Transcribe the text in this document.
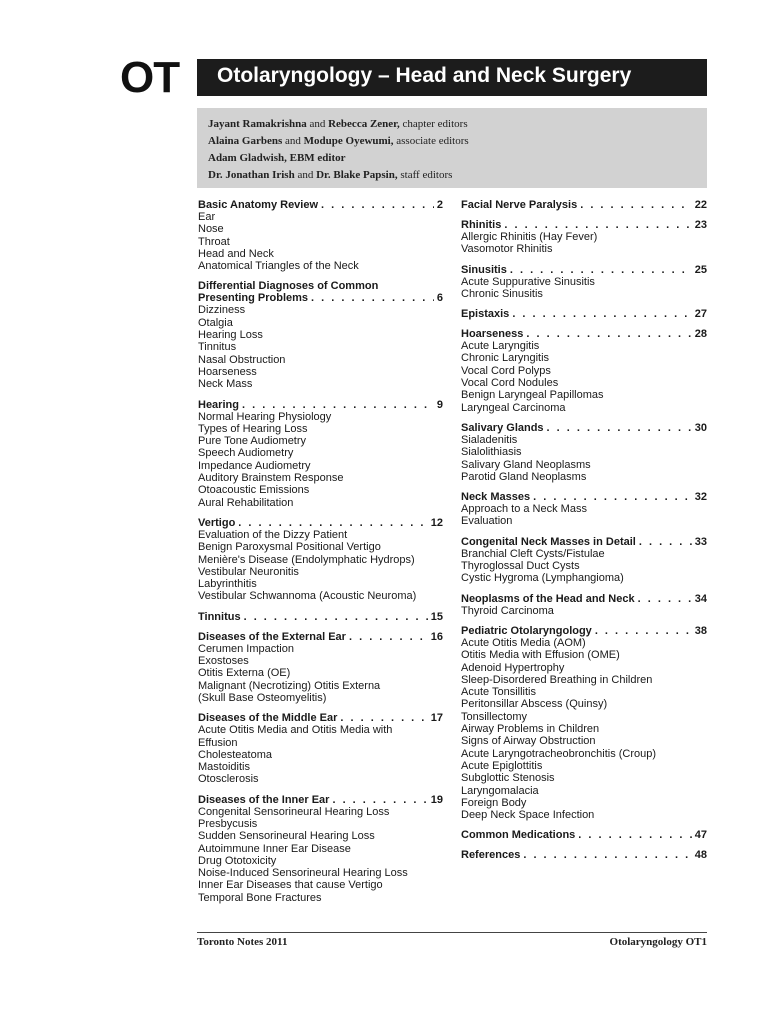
OT Otolaryngology – Head and Neck Surgery
Jayant Ramakrishna and Rebecca Zener, chapter editors
Alaina Garbens and Modupe Oyewumi, associate editors
Adam Gladwish, EBM editor
Dr. Jonathan Irish and Dr. Blake Papsin, staff editors
Basic Anatomy Review . . .	2
Ear
Nose
Throat
Head and Neck
Anatomical Triangles of the Neck
Differential Diagnoses of Common
Presenting Problems . . .	6
Dizziness
Otalgia
Hearing Loss
Tinnitus
Nasal Obstruction
Hoarseness
Neck Mass
Hearing . . .	9
Normal Hearing Physiology
Types of Hearing Loss
Pure Tone Audiometry
Speech Audiometry
Impedance Audiometry
Auditory Brainstem Response
Otoacoustic Emissions
Aural Rehabilitation
Vertigo . . .	12
Evaluation of the Dizzy Patient
Benign Paroxysmal Positional Vertigo
Menière's Disease (Endolymphatic Hydrops)
Vestibular Neuronitis
Labyrinthitis
Vestibular Schwannoma (Acoustic Neuroma)
Tinnitus . . .	15
Diseases of the External Ear . . .	16
Cerumen Impaction
Exostoses
Otitis Externa (OE)
Malignant (Necrotizing) Otitis Externa
(Skull Base Osteomyelitis)
Diseases of the Middle Ear . . .	17
Acute Otitis Media and Otitis Media with
Effusion
Cholesteatoma
Mastoiditis
Otosclerosis
Diseases of the Inner Ear . . .	19
Congenital Sensorineural Hearing Loss
Presbycusis
Sudden Sensorineural Hearing Loss
Autoimmune Inner Ear Disease
Drug Ototoxicity
Noise-Induced Sensorineural Hearing Loss
Inner Ear Diseases that cause Vertigo
Temporal Bone Fractures
Facial Nerve Paralysis . . .	22
Rhinitis . . .	23
Allergic Rhinitis (Hay Fever)
Vasomotor Rhinitis
Sinusitis . . .	25
Acute Suppurative Sinusitis
Chronic Sinusitis
Epistaxis . . .	27
Hoarseness . . .	28
Acute Laryngitis
Chronic Laryngitis
Vocal Cord Polyps
Vocal Cord Nodules
Benign Laryngeal Papillomas
Laryngeal Carcinoma
Salivary Glands . . .	30
Sialadenitis
Sialolithiasis
Salivary Gland Neoplasms
Parotid Gland Neoplasms
Neck Masses . . .	32
Approach to a Neck Mass
Evaluation
Congenital Neck Masses in Detail . . .	33
Branchial Cleft Cysts/Fistulae
Thyroglossal Duct Cysts
Cystic Hygroma (Lymphangioma)
Neoplasms of the Head and Neck . . .	34
Thyroid Carcinoma
Pediatric Otolaryngology . . .	38
Acute Otitis Media (AOM)
Otitis Media with Effusion (OME)
Adenoid Hypertrophy
Sleep-Disordered Breathing in Children
Acute Tonsillitis
Peritonsillar Abscess (Quinsy)
Tonsillectomy
Airway Problems in Children
Signs of Airway Obstruction
Acute Laryngotracheobronchitis (Croup)
Acute Epiglottitis
Subglottic Stenosis
Laryngomalacia
Foreign Body
Deep Neck Space Infection
Common Medications . . .	47
References . . .	48
Toronto Notes 2011	Otolaryngology OT1
